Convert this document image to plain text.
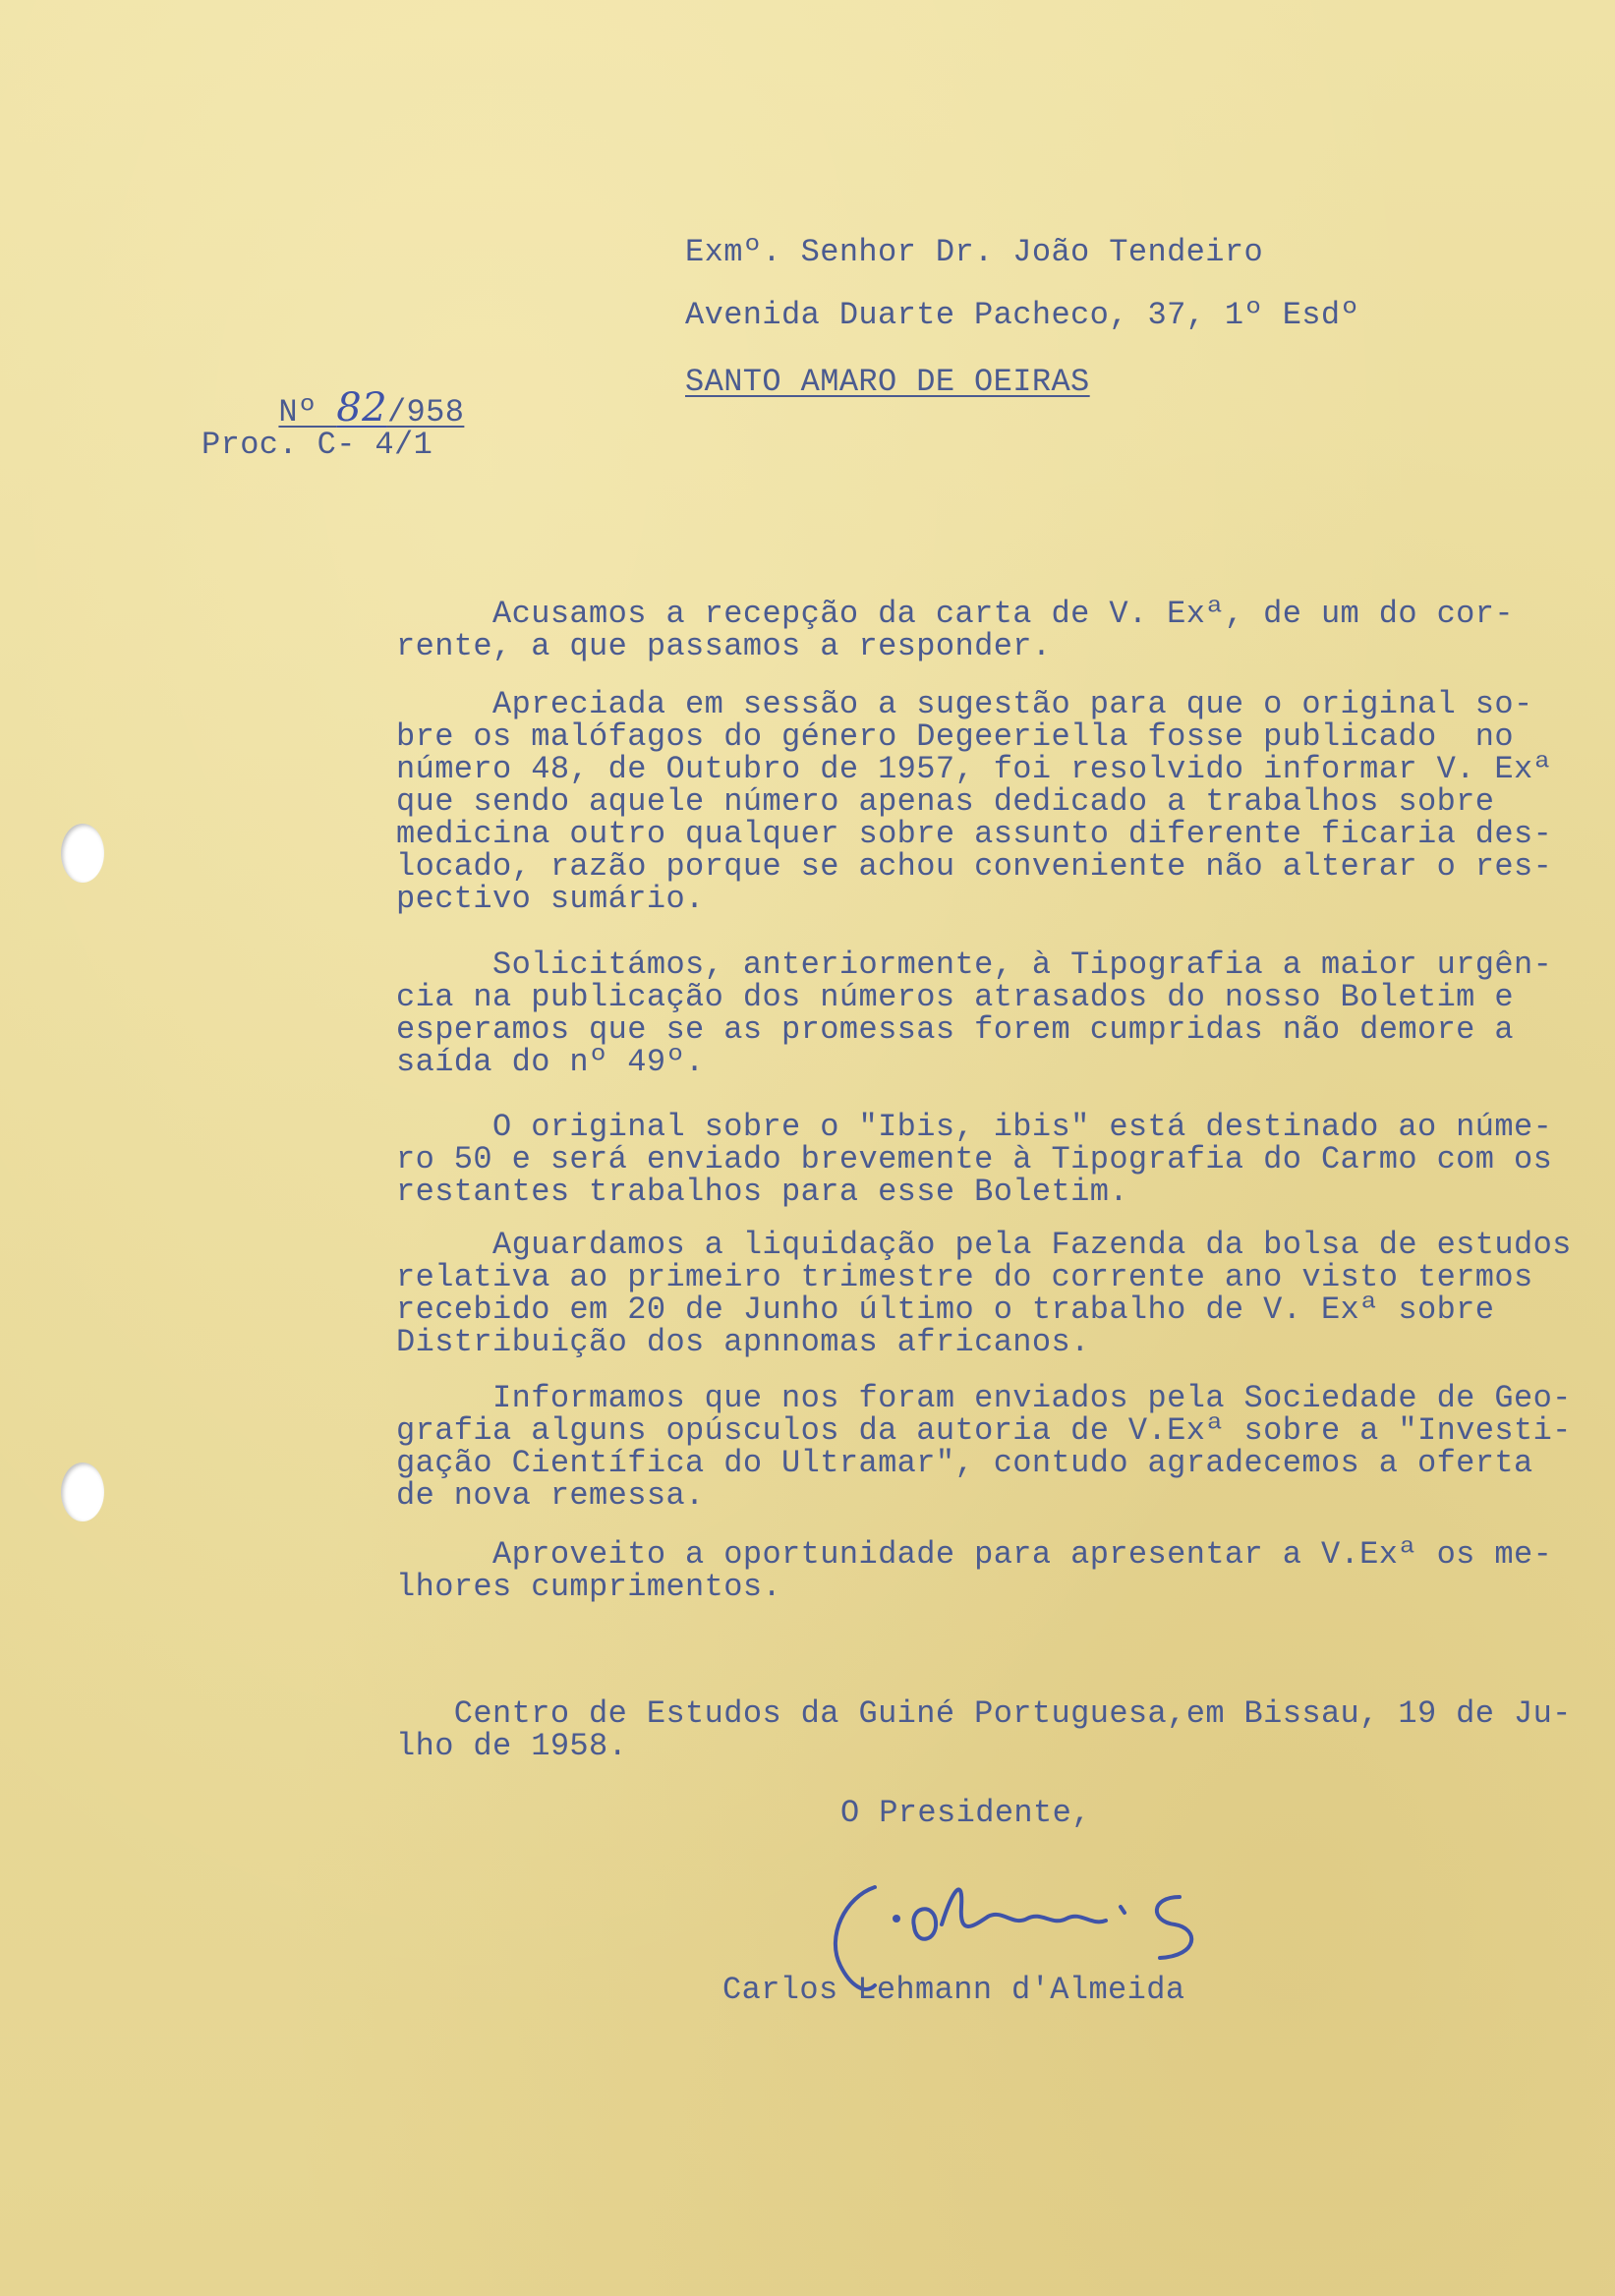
Exmº. Senhor Dr. João Tendeiro
Avenida Duarte Pacheco, 37, 1º Esdº
SANTO AMARO DE OEIRAS

Nº 82/958

Proc. C- 4/1
Acusamos a recepção da carta de V. Exª, de um do cor-
rente, a que passamos a responder.
Apreciada em sessão a sugestão para que o original so-
bre os malófagos do género Degeeriella fosse publicado  no
número 48, de Outubro de 1957, foi resolvido informar V. Exª
que sendo aquele número apenas dedicado a trabalhos sobre
medicina outro qualquer sobre assunto diferente ficaria des-
locado, razão porque se achou conveniente não alterar o res-
pectivo sumário.
Solicitámos, anteriormente, à Tipografia a maior urgên-
cia na publicação dos números atrasados do nosso Boletim e
esperamos que se as promessas forem cumpridas não demore a
saída do nº 49º.
O original sobre o "Ibis, ibis" está destinado ao núme-
ro 50 e será enviado brevemente à Tipografia do Carmo com os
restantes trabalhos para esse Boletim.
Aguardamos a liquidação pela Fazenda da bolsa de estudos
relativa ao primeiro trimestre do corrente ano visto termos
recebido em 20 de Junho último o trabalho de V. Exª sobre
Distribuição dos apnnomas africanos.
Informamos que nos foram enviados pela Sociedade de Geo-
grafia alguns opúsculos da autoria de V.Exª sobre a "Investi-
gação Científica do Ultramar", contudo agradecemos a oferta
de nova remessa.
Aproveito a oportunidade para apresentar a V.Exª os me-
lhores cumprimentos.
Centro de Estudos da Guiné Portuguesa,em Bissau, 19 de Ju-
lho de 1958.
O Presidente,
Carlos Lehmann d'Almeida
